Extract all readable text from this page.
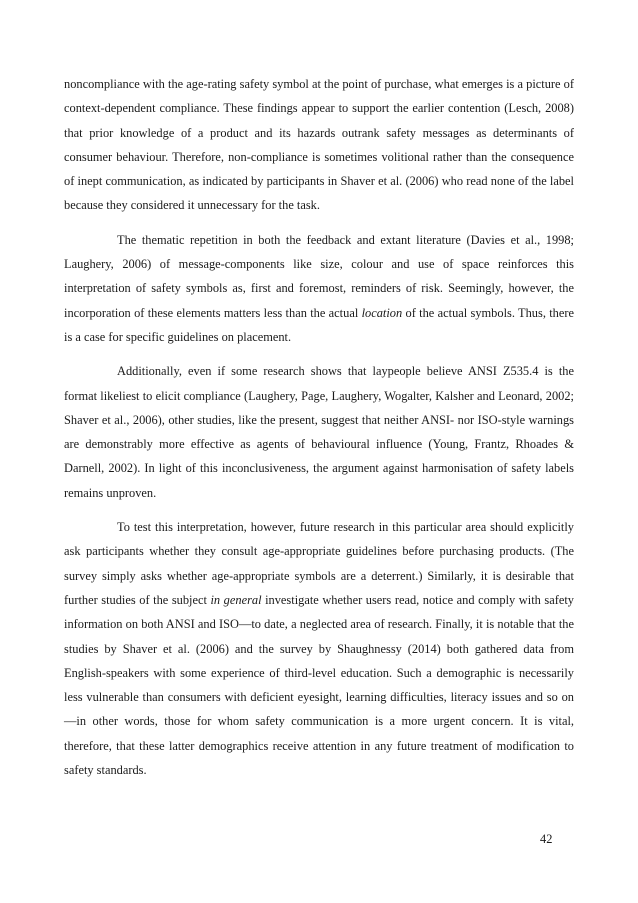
noncompliance with the age-rating safety symbol at the point of purchase, what emerges is a picture of context-dependent compliance. These findings appear to support the earlier contention (Lesch, 2008) that prior knowledge of a product and its hazards outrank safety messages as determinants of consumer behaviour. Therefore, non-compliance is sometimes volitional rather than the consequence of inept communication, as indicated by participants in Shaver et al. (2006) who read none of the label because they considered it unnecessary for the task.

The thematic repetition in both the feedback and extant literature (Davies et al., 1998; Laughery, 2006) of message-components like size, colour and use of space reinforces this interpretation of safety symbols as, first and foremost, reminders of risk. Seemingly, however, the incorporation of these elements matters less than the actual location of the actual symbols. Thus, there is a case for specific guidelines on placement.

Additionally, even if some research shows that laypeople believe ANSI Z535.4 is the format likeliest to elicit compliance (Laughery, Page, Laughery, Wogalter, Kalsher and Leonard, 2002; Shaver et al., 2006), other studies, like the present, suggest that neither ANSI- nor ISO-style warnings are demonstrably more effective as agents of behavioural influence (Young, Frantz, Rhoades & Darnell, 2002). In light of this inconclusiveness, the argument against harmonisation of safety labels remains unproven.

To test this interpretation, however, future research in this particular area should explicitly ask participants whether they consult age-appropriate guidelines before purchasing products. (The survey simply asks whether age-appropriate symbols are a deterrent.) Similarly, it is desirable that further studies of the subject in general investigate whether users read, notice and comply with safety information on both ANSI and ISO—to date, a neglected area of research. Finally, it is notable that the studies by Shaver et al. (2006) and the survey by Shaughnessy (2014) both gathered data from English-speakers with some experience of third-level education. Such a demographic is necessarily less vulnerable than consumers with deficient eyesight, learning difficulties, literacy issues and so on—in other words, those for whom safety communication is a more urgent concern. It is vital, therefore, that these latter demographics receive attention in any future treatment of modification to safety standards.

42
